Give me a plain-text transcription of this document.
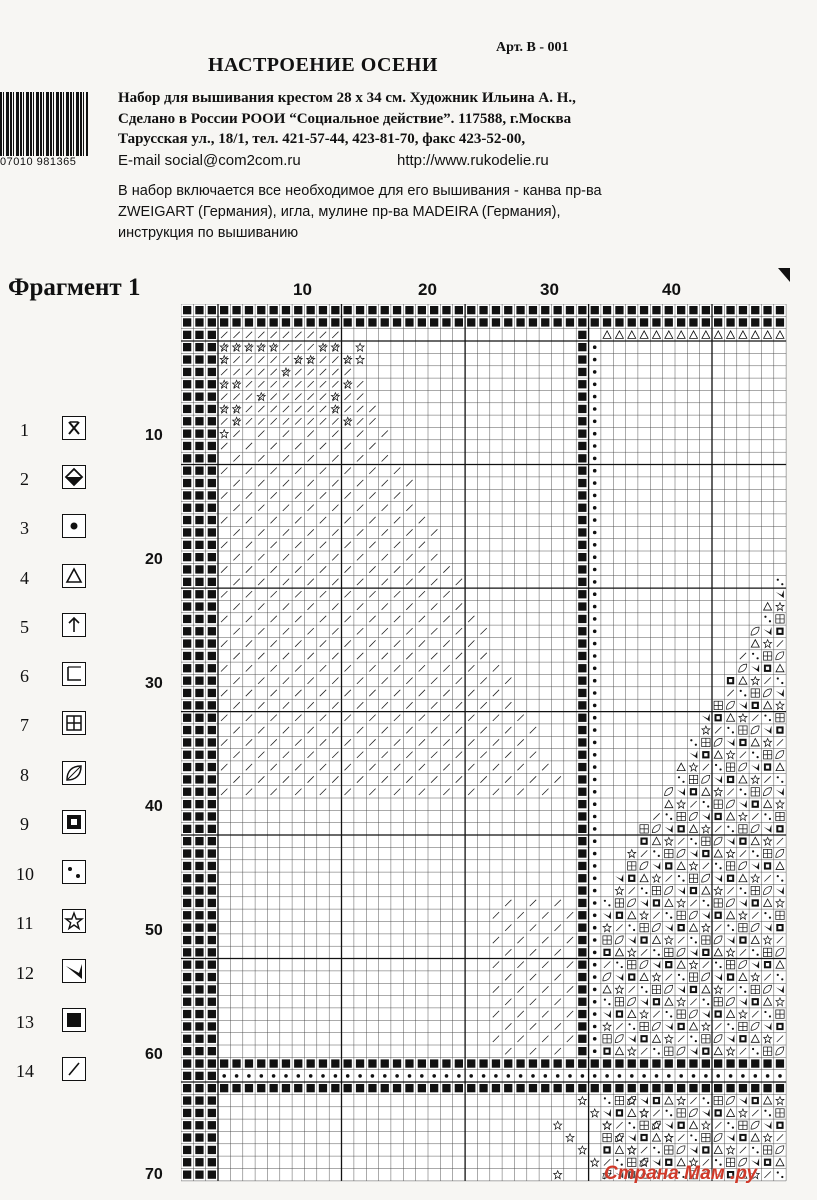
07010 981365
НАСТРОЕНИЕ ОСЕНИ
Арт. В - 001
Набор для вышивания крестом 28 х 34 см. Художник Ильина А. Н.,
Сделано в России РООИ “Социальное действие”. 117588, г.Москва
Тарусская ул., 18/1, тел. 421-57-44, 423-81-70, факс 423-52-00,
E-mail social@com2com.ru	http://www.rukodelie.ru
В набор включается все необходимое для его вышивания - канва пр-ва
ZWEIGART (Германия), игла, мулине пр-ва MADEIRA (Германия),
инструкция по вышиванию
Фрагмент 1	10	20	30	40
10
20
30
40
50
60
70
1
2
3
4
5
6
7
8
9
10
11
12
13
14
Страна Мам .ру
